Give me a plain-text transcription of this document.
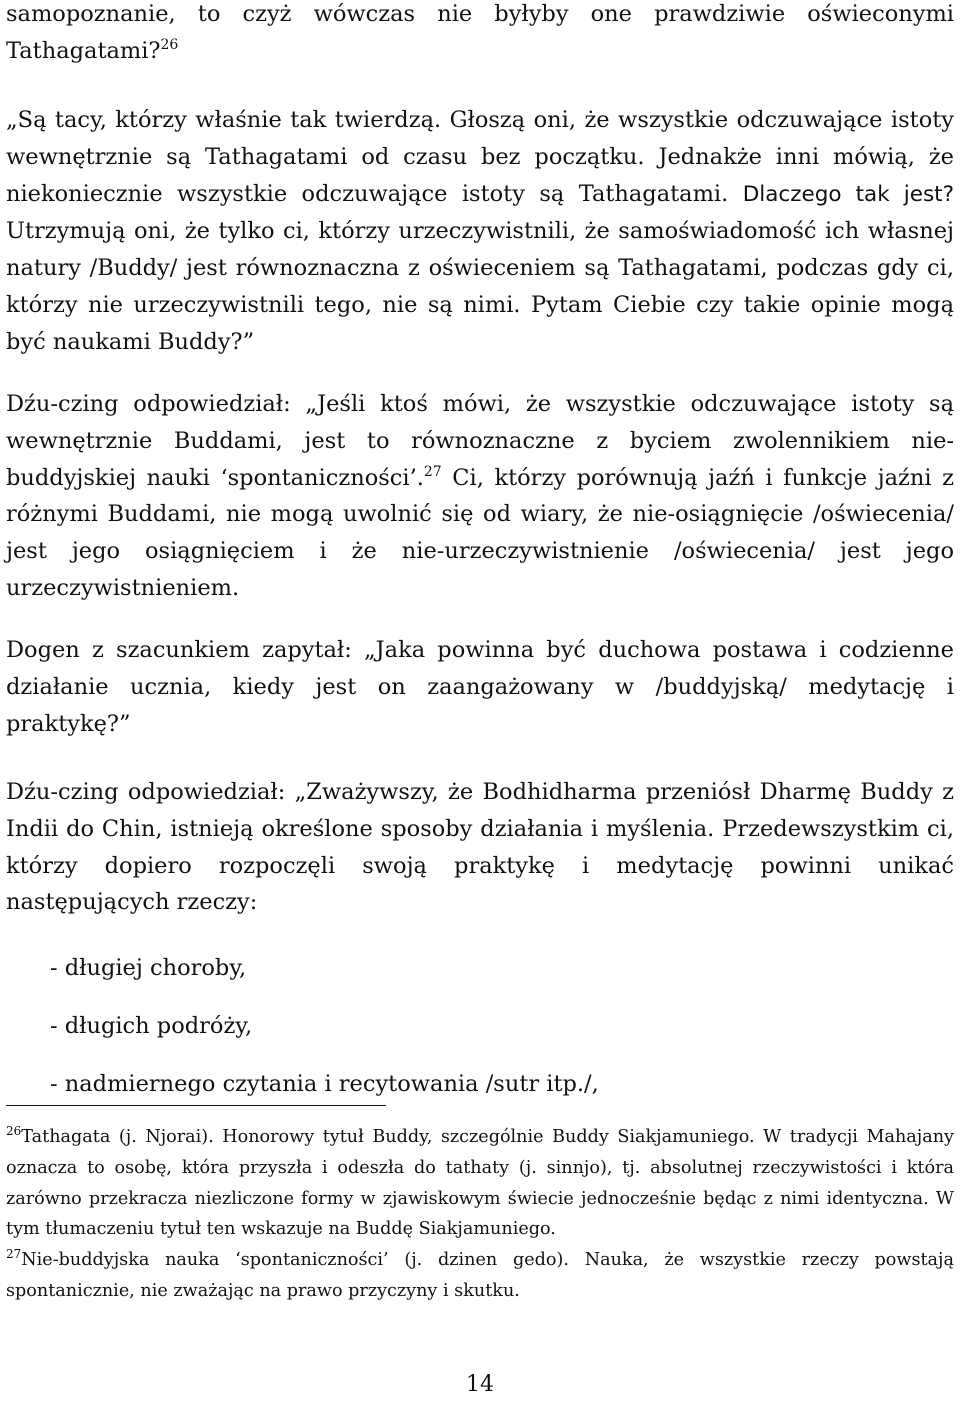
samopoznanie, to czyż wówczas nie byłyby one prawdziwie oświeconymi Tathagatami?$^{26}$

„Są tacy, którzy właśnie tak twierdzą. Głoszą oni, że wszystkie odczuwające istoty wewnętrznie są Tathagatami od czasu bez początku. Jednakże inni mówią, że niekoniecznie wszystkie odczuwające istoty są Tathagatami. Dlaczego tak jest? Utrzymują oni, że tylko ci, którzy urzeczywistnili, że samoświadomość ich własnej natury /Buddy/ jest równoznaczna z oświeceniem są Tathagatami, podczas gdy ci, którzy nie urzeczywistnili tego, nie są nimi. Pytam Ciebie czy takie opinie mogą być naukami Buddy?”

Dźu-czing odpowiedział: „Jeśli ktoś mówi, że wszystkie odczuwające istoty są wewnętrznie Buddami, jest to równoznaczne z byciem zwolennikiem nie-buddyjskiej nauki ‘spontaniczności’.$^{27}$ Ci, którzy porównują jaźń i funkcje jaźni z różnymi Buddami, nie mogą uwolnić się od wiary, że nie-osiągnięcie /oświecenia/ jest jego osiągnięciem i że nie-urzeczywistnienie /oświecenia/ jest jego urzeczywistnieniem.

Dogen z szacunkiem zapytał: „Jaka powinna być duchowa postawa i codzienne działanie ucznia, kiedy jest on zaangażowany w /buddyjską/ medytację i praktykę?”

Dźu-czing odpowiedział: „Zważywszy, że Bodhidharma przeniósł Dharmę Buddy z Indii do Chin, istnieją określone sposoby działania i myślenia. Przedewszystkim ci, którzy dopiero rozpoczęli swoją praktykę i medytację powinni unikać następujących rzeczy:

- długiej choroby,
- długich podróży,
- nadmiernego czytania i recytowania /sutr itp./,

$^{26}$Tathagata (j. Njorai). Honorowy tytuł Buddy, szczególnie Buddy Siakjamuniego. W tradycji Mahajany oznacza to osobę, która przyszła i odeszła do tathaty (j. sinnjo), tj. absolutnej rzeczywistości i która zarówno przekracza niezliczone formy w zjawiskowym świecie jednocześnie będąc z nimi identyczna. W tym tłumaczeniu tytuł ten wskazuje na Buddę Siakjamuniego.

$^{27}$Nie-buddyjska nauka ‘spontaniczności’ (j. dzinen gedo). Nauka, że wszystkie rzeczy powstają spontanicznie, nie zważając na prawo przyczyny i skutku.

14
